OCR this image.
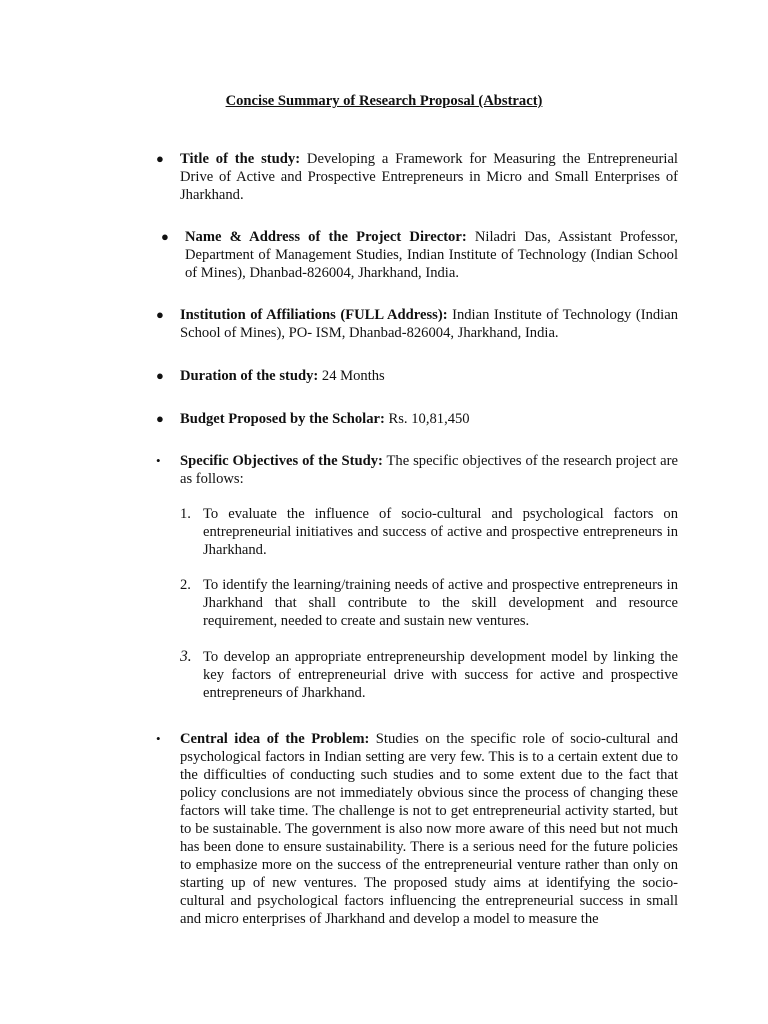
Concise Summary of Research Proposal (Abstract)
● Title of the study: Developing a Framework for Measuring the Entrepreneurial Drive of Active and Prospective Entrepreneurs in Micro and Small Enterprises of Jharkhand.
● Name & Address of the Project Director: Niladri Das, Assistant Professor, Department of Management Studies, Indian Institute of Technology (Indian School of Mines), Dhanbad-826004, Jharkhand, India.
● Institution of Affiliations (FULL Address): Indian Institute of Technology (Indian School of Mines), PO- ISM, Dhanbad-826004, Jharkhand, India.
● Duration of the study: 24 Months
● Budget Proposed by the Scholar: Rs. 10,81,450
• Specific Objectives of the Study: The specific objectives of the research project are as follows:
1. To evaluate the influence of socio-cultural and psychological factors on entrepreneurial initiatives and success of active and prospective entrepreneurs in Jharkhand.
2. To identify the learning/training needs of active and prospective entrepreneurs in Jharkhand that shall contribute to the skill development and resource requirement, needed to create and sustain new ventures.
3. To develop an appropriate entrepreneurship development model by linking the key factors of entrepreneurial drive with success for active and prospective entrepreneurs of Jharkhand.
• Central idea of the Problem: Studies on the specific role of socio-cultural and psychological factors in Indian setting are very few. This is to a certain extent due to the difficulties of conducting such studies and to some extent due to the fact that policy conclusions are not immediately obvious since the process of changing these factors will take time. The challenge is not to get entrepreneurial activity started, but to be sustainable. The government is also now more aware of this need but not much has been done to ensure sustainability. There is a serious need for the future policies to emphasize more on the success of the entrepreneurial venture rather than only on starting up of new ventures. The proposed study aims at identifying the socio-cultural and psychological factors influencing the entrepreneurial success in small and micro enterprises of Jharkhand and develop a model to measure the
